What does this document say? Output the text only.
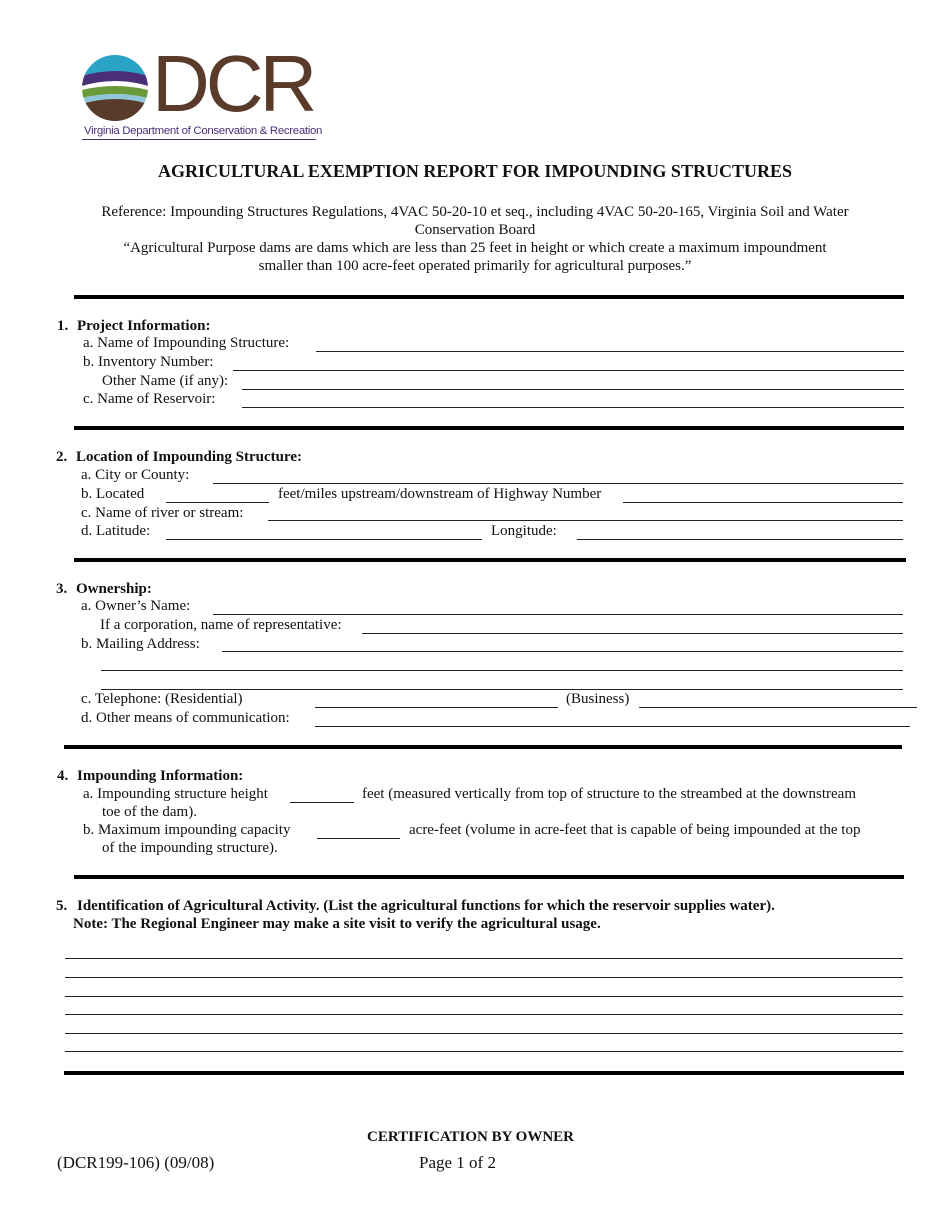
DCR
Virginia Department of Conservation & Recreation
AGRICULTURAL EXEMPTION REPORT FOR IMPOUNDING STRUCTURES
Reference: Impounding Structures Regulations, 4VAC 50-20-10 et seq., including 4VAC 50-20-165, Virginia Soil and Water
Conservation Board
“Agricultural Purpose dams are dams which are less than 25 feet in height or which create a maximum impoundment
smaller than 100 acre-feet operated primarily for agricultural purposes.”
1. Project Information:
a. Name of Impounding Structure:
b. Inventory Number:
Other Name (if any):
c. Name of Reservoir:
2. Location of Impounding Structure:
a. City or County:
b. Located	feet/miles upstream/downstream of Highway Number
c. Name of river or stream:
d. Latitude:	Longitude:
3. Ownership:
a. Owner’s Name:
If a corporation, name of representative:
b. Mailing Address:
c. Telephone: (Residential)	(Business)
d. Other means of communication:
4. Impounding Information:
a. Impounding structure height	feet (measured vertically from top of structure to the streambed at the downstream
toe of the dam).
b. Maximum impounding capacity	acre-feet (volume in acre-feet that is capable of being impounded at the top
of the impounding structure).
5. Identification of Agricultural Activity. (List the agricultural functions for which the reservoir supplies water).
Note: The Regional Engineer may make a site visit to verify the agricultural usage.
CERTIFICATION BY OWNER
(DCR199-106) (09/08)	Page 1 of 2
